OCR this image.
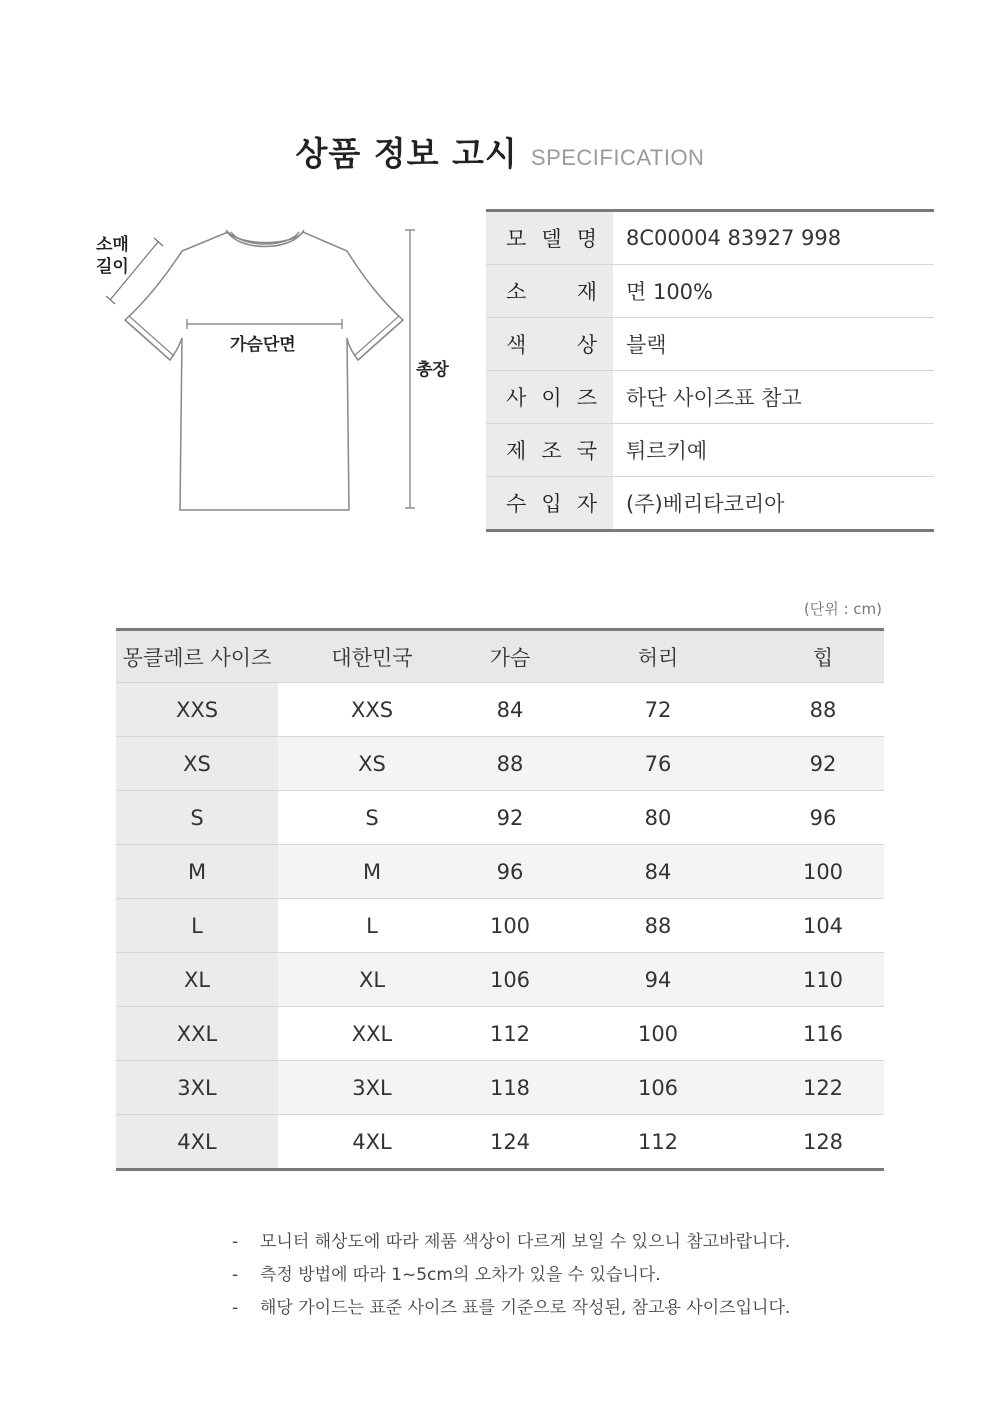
상품 정보 고시 SPECIFICATION
소매
길이
가슴단면
총장
모 델 명	8C00004 83927 998

소 재	면 100%

색 상	블랙

사 이 즈	하단 사이즈표 참고

제 조 국	튀르키예

수 입 자	(주)베리타코리아
(단위 : cm)
몽클레르 사이즈	대한민국	가슴	허리	힙
XXS	XXS	84	72	88
XS	XS	88	76	92
S	S	92	80	96
M	M	96	84	100
L	L	100	88	104
XL	XL	106	94	110
XXL	XXL	112	100	116
3XL	3XL	118	106	122
4XL	4XL	124	112	128
-	모니터 해상도에 따라 제품 색상이 다르게 보일 수 있으니 참고바랍니다.
-	측정 방법에 따라 1~5cm의 오차가 있을 수 있습니다.
-	해당 가이드는 표준 사이즈 표를 기준으로 작성된, 참고용 사이즈입니다.
